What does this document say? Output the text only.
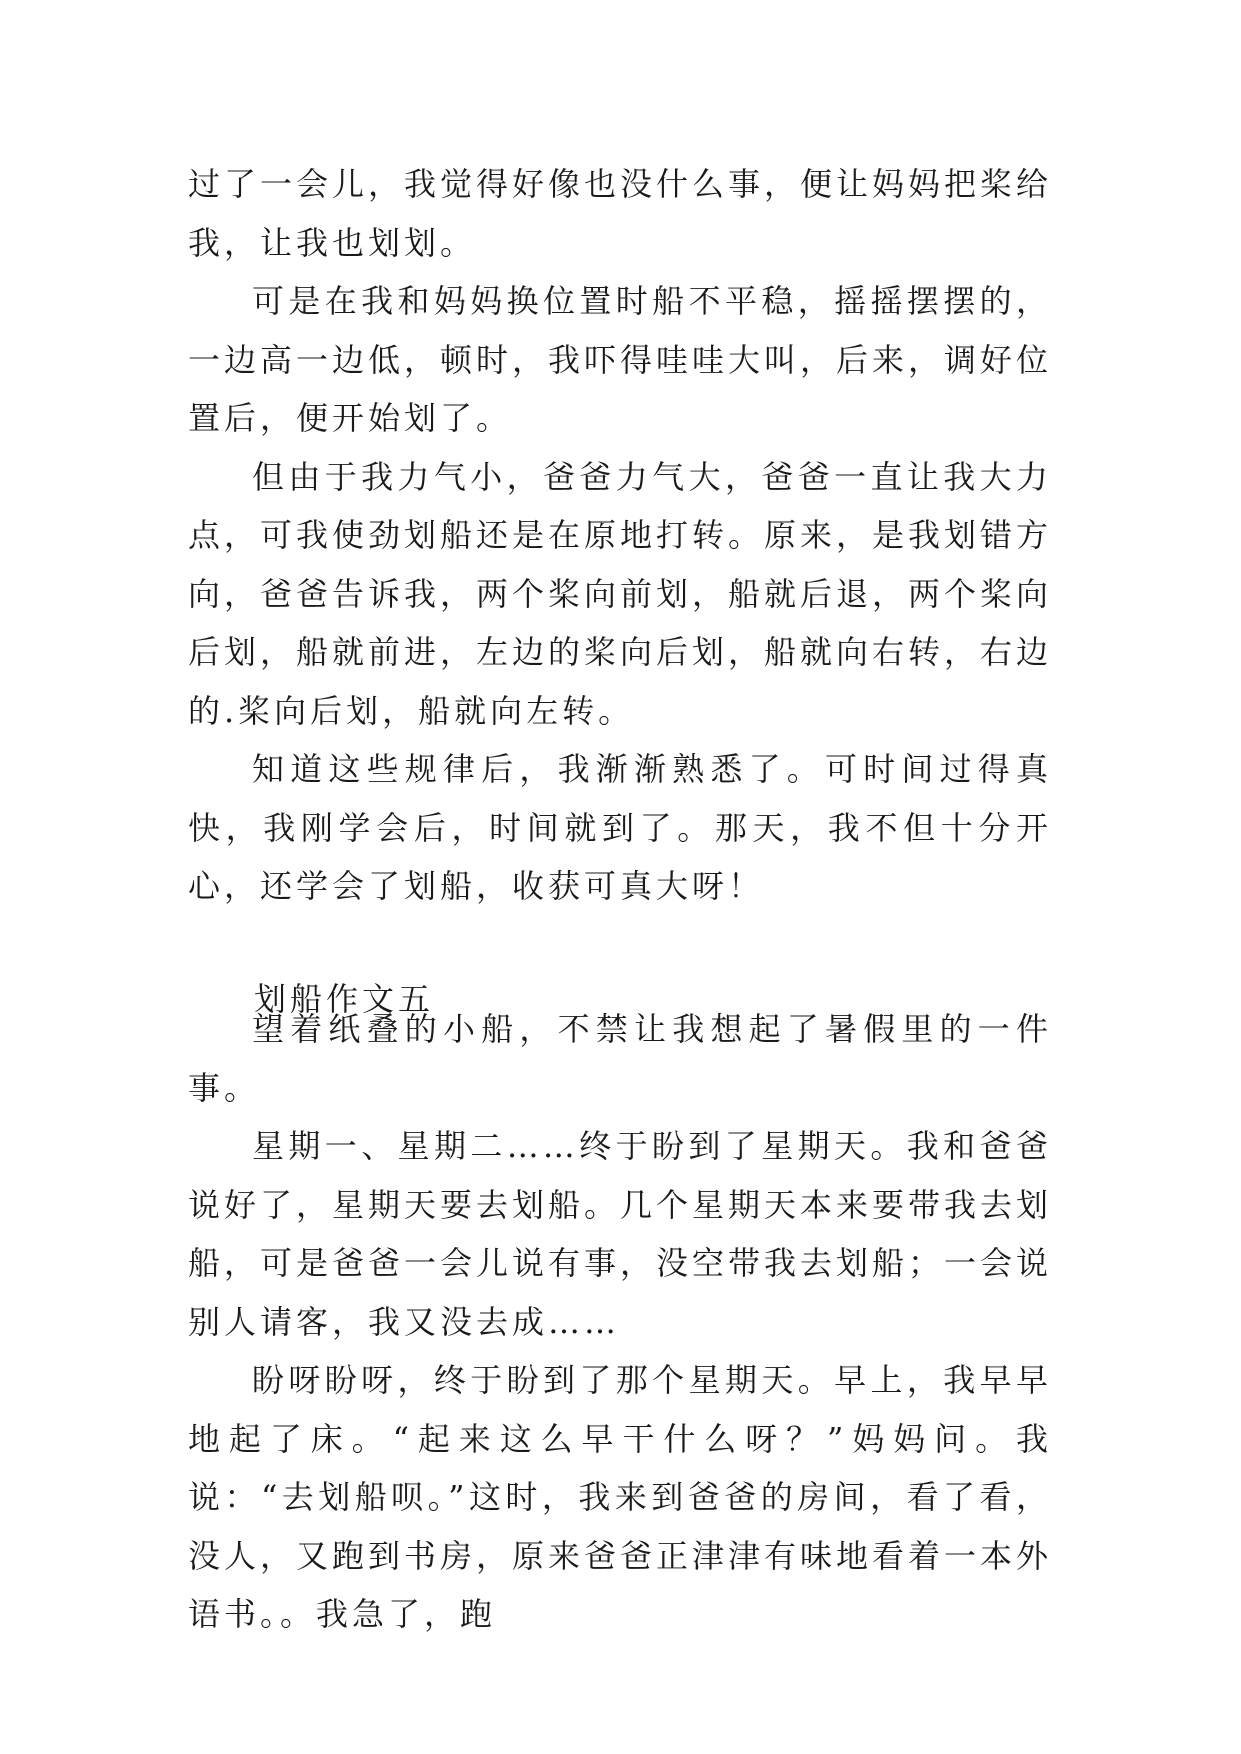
过了一会儿，我觉得好像也没什么事，便让妈妈把桨给我，让我也划划。

可是在我和妈妈换位置时船不平稳，摇摇摆摆的，一边高一边低，顿时，我吓得哇哇大叫，后来，调好位置后，便开始划了。

但由于我力气小，爸爸力气大，爸爸一直让我大力点，可我使劲划船还是在原地打转。原来，是我划错方向，爸爸告诉我，两个桨向前划，船就后退，两个桨向后划，船就前进，左边的桨向后划，船就向右转，右边的.桨向后划，船就向左转。

知道这些规律后，我渐渐熟悉了。可时间过得真快，我刚学会后，时间就到了。那天，我不但十分开心，还学会了划船，收获可真大呀！

划船作文五

望着纸叠的小船，不禁让我想起了暑假里的一件事。

星期一、星期二……终于盼到了星期天。我和爸爸说好了，星期天要去划船。几个星期天本来要带我去划船，可是爸爸一会儿说有事，没空带我去划船；一会说别人请客，我又没去成……

盼呀盼呀，终于盼到了那个星期天。早上，我早早地起了床。“起来这么早干什么呀？”妈妈问。我说：“去划船呗。”这时，我来到爸爸的房间，看了看，没人，又跑到书房，原来爸爸正津津有味地看着一本外语书。。我急了，跑
